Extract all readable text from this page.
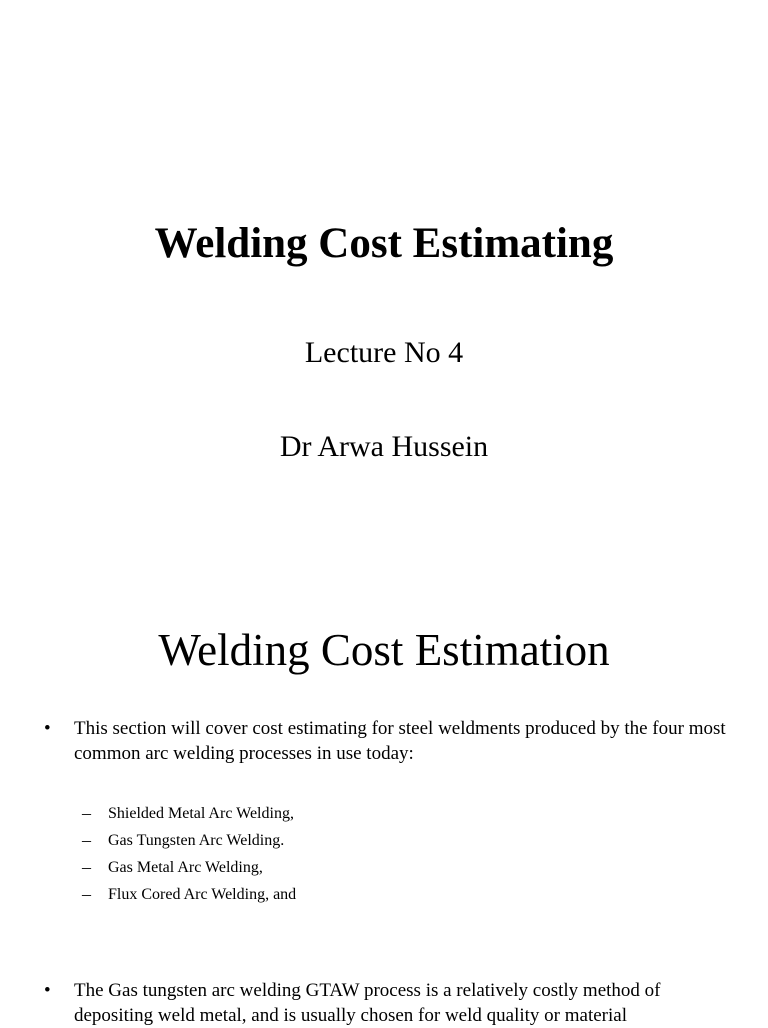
Welding Cost Estimating
Lecture No 4
Dr Arwa Hussein
Welding Cost Estimation
•	This section will cover cost estimating for steel weldments produced by the four most common arc welding processes in use today:
– Shielded Metal Arc Welding,
– Gas Tungsten Arc Welding.
– Gas Metal Arc Welding,
– Flux Cored Arc Welding, and
•	The Gas tungsten arc welding GTAW process is a relatively costly method of depositing weld metal, and is usually chosen for weld quality or material
